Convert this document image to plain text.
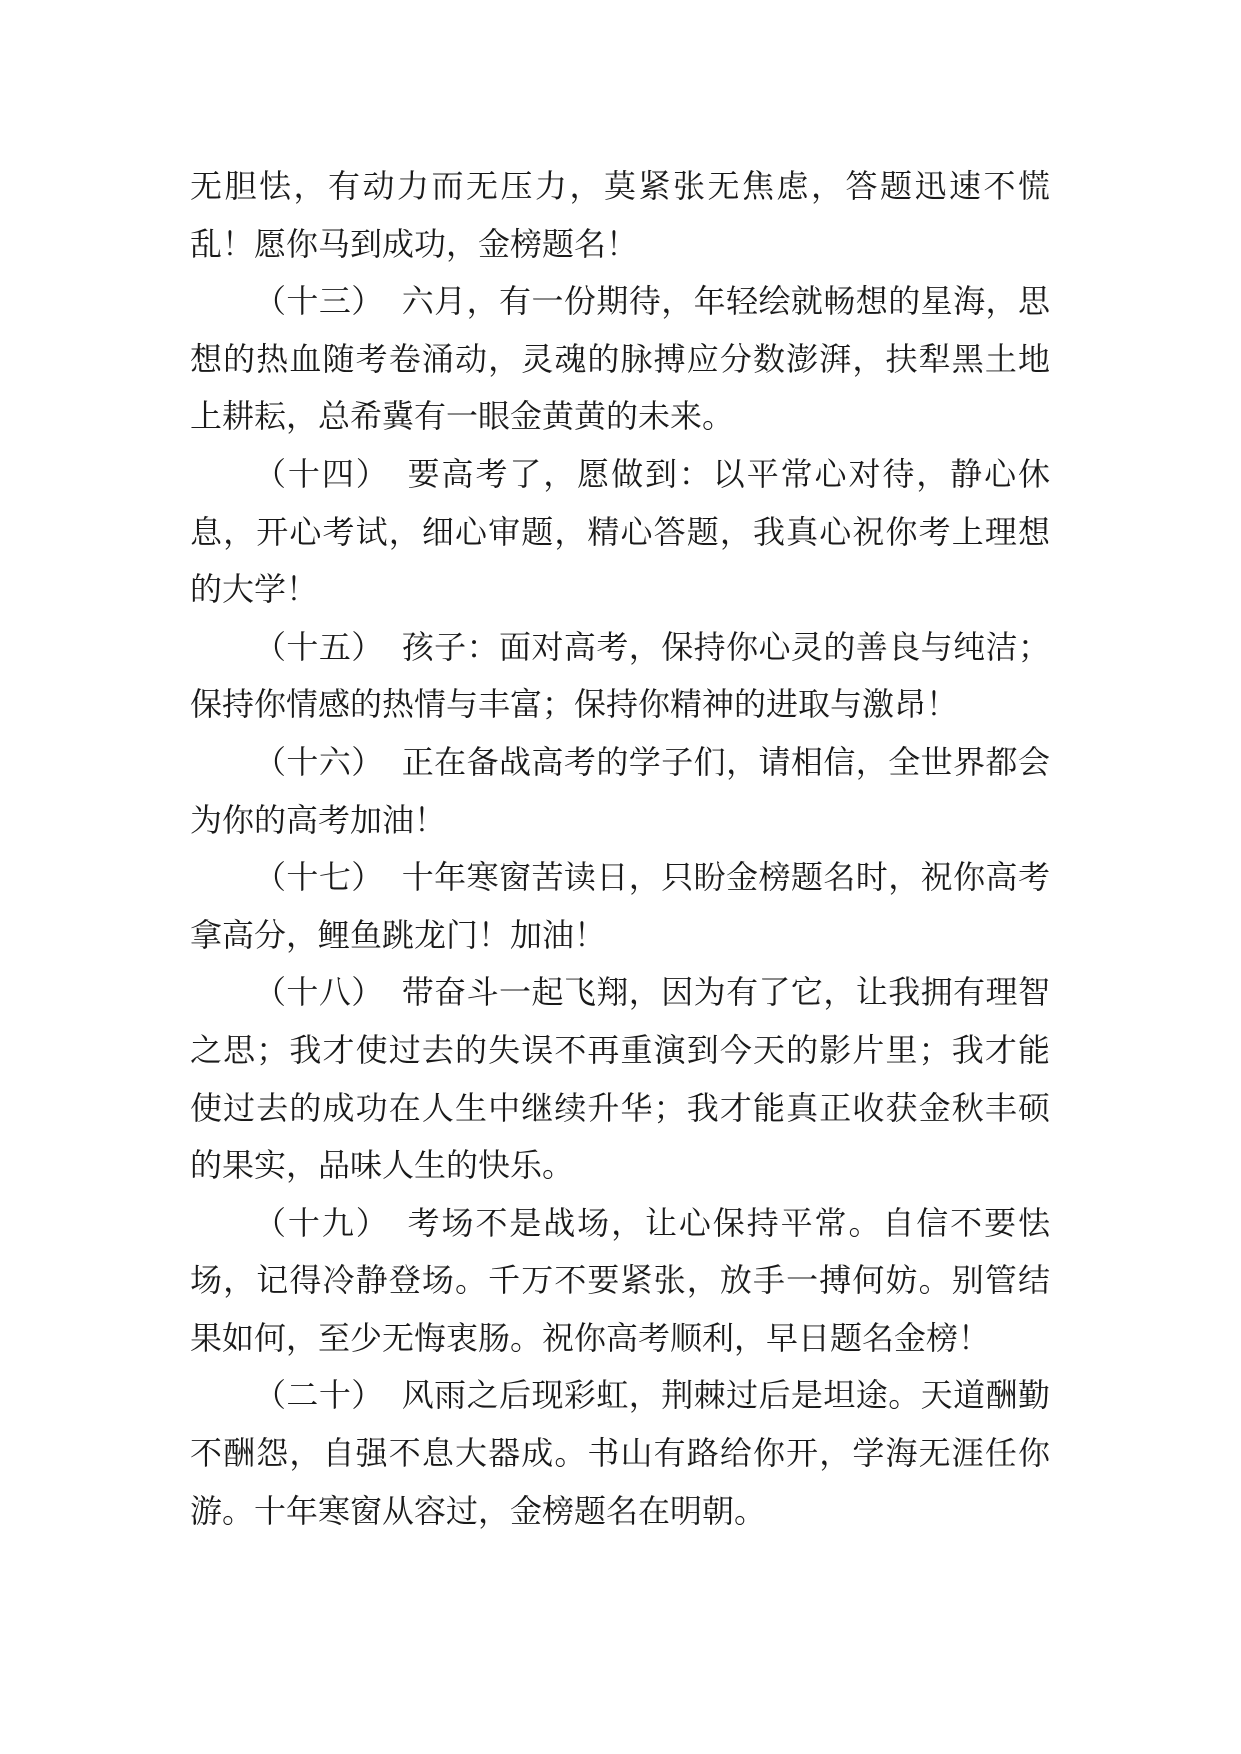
无胆怯，有动力而无压力，莫紧张无焦虑，答题迅速不慌乱！愿你马到成功，金榜题名！

（十三） 六月，有一份期待，年轻绘就畅想的星海，思想的热血随考卷涌动，灵魂的脉搏应分数澎湃，扶犁黑土地上耕耘，总希冀有一眼金黄黄的未来。

（十四） 要高考了，愿做到：以平常心对待，静心休息，开心考试，细心审题，精心答题，我真心祝你考上理想的大学！

（十五） 孩子：面对高考，保持你心灵的善良与纯洁；保持你情感的热情与丰富；保持你精神的进取与激昂！

（十六） 正在备战高考的学子们，请相信，全世界都会为你的高考加油！

（十七） 十年寒窗苦读日，只盼金榜题名时，祝你高考拿高分，鲤鱼跳龙门！加油！

（十八） 带奋斗一起飞翔，因为有了它，让我拥有理智之思；我才使过去的失误不再重演到今天的影片里；我才能使过去的成功在人生中继续升华；我才能真正收获金秋丰硕的果实，品味人生的快乐。

（十九） 考场不是战场，让心保持平常。自信不要怯场，记得冷静登场。千万不要紧张，放手一搏何妨。别管结果如何，至少无悔衷肠。祝你高考顺利，早日题名金榜！

（二十） 风雨之后现彩虹，荆棘过后是坦途。天道酬勤不酬怨，自强不息大器成。书山有路给你开，学海无涯任你游。十年寒窗从容过，金榜题名在明朝。
